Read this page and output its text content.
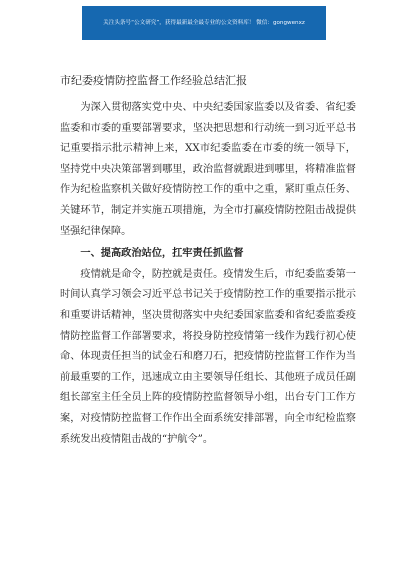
关注头条号“公文研究”，获得最新最全最专业的公文资料库！ 微信：gongwenxz
市纪委疫情防控监督工作经验总结汇报

为深入贯彻落实党中央、中央纪委国家监委以及省委、省纪委监委和市委的重要部署要求，坚决把思想和行动统一到习近平总书记重要指示批示精神上来，XX市纪委监委在市委的统一领导下，坚持党中央决策部署到哪里，政治监督就跟进到哪里，将精准监督作为纪检监察机关做好疫情防控工作的重中之重，紧盯重点任务、关键环节，制定并实施五项措施，为全市打赢疫情防控阻击战提供坚强纪律保障。

一、提高政治站位，扛牢责任抓监督

疫情就是命令，防控就是责任。疫情发生后，市纪委监委第一时间认真学习领会习近平总书记关于疫情防控工作的重要指示批示和重要讲话精神，坚决贯彻落实中央纪委国家监委和省纪委监委疫情防控监督工作部署要求，将投身防控疫情第一线作为践行初心使命、体现责任担当的试金石和磨刀石，把疫情防控监督工作作为当前最重要的工作，迅速成立由主要领导任组长、其他班子成员任副组长部室主任全员上阵的疫情防控监督领导小组，出台专门工作方案，对疫情防控监督工作作出全面系统安排部署，向全市纪检监察系统发出疫情阻击战的“护航令”。
